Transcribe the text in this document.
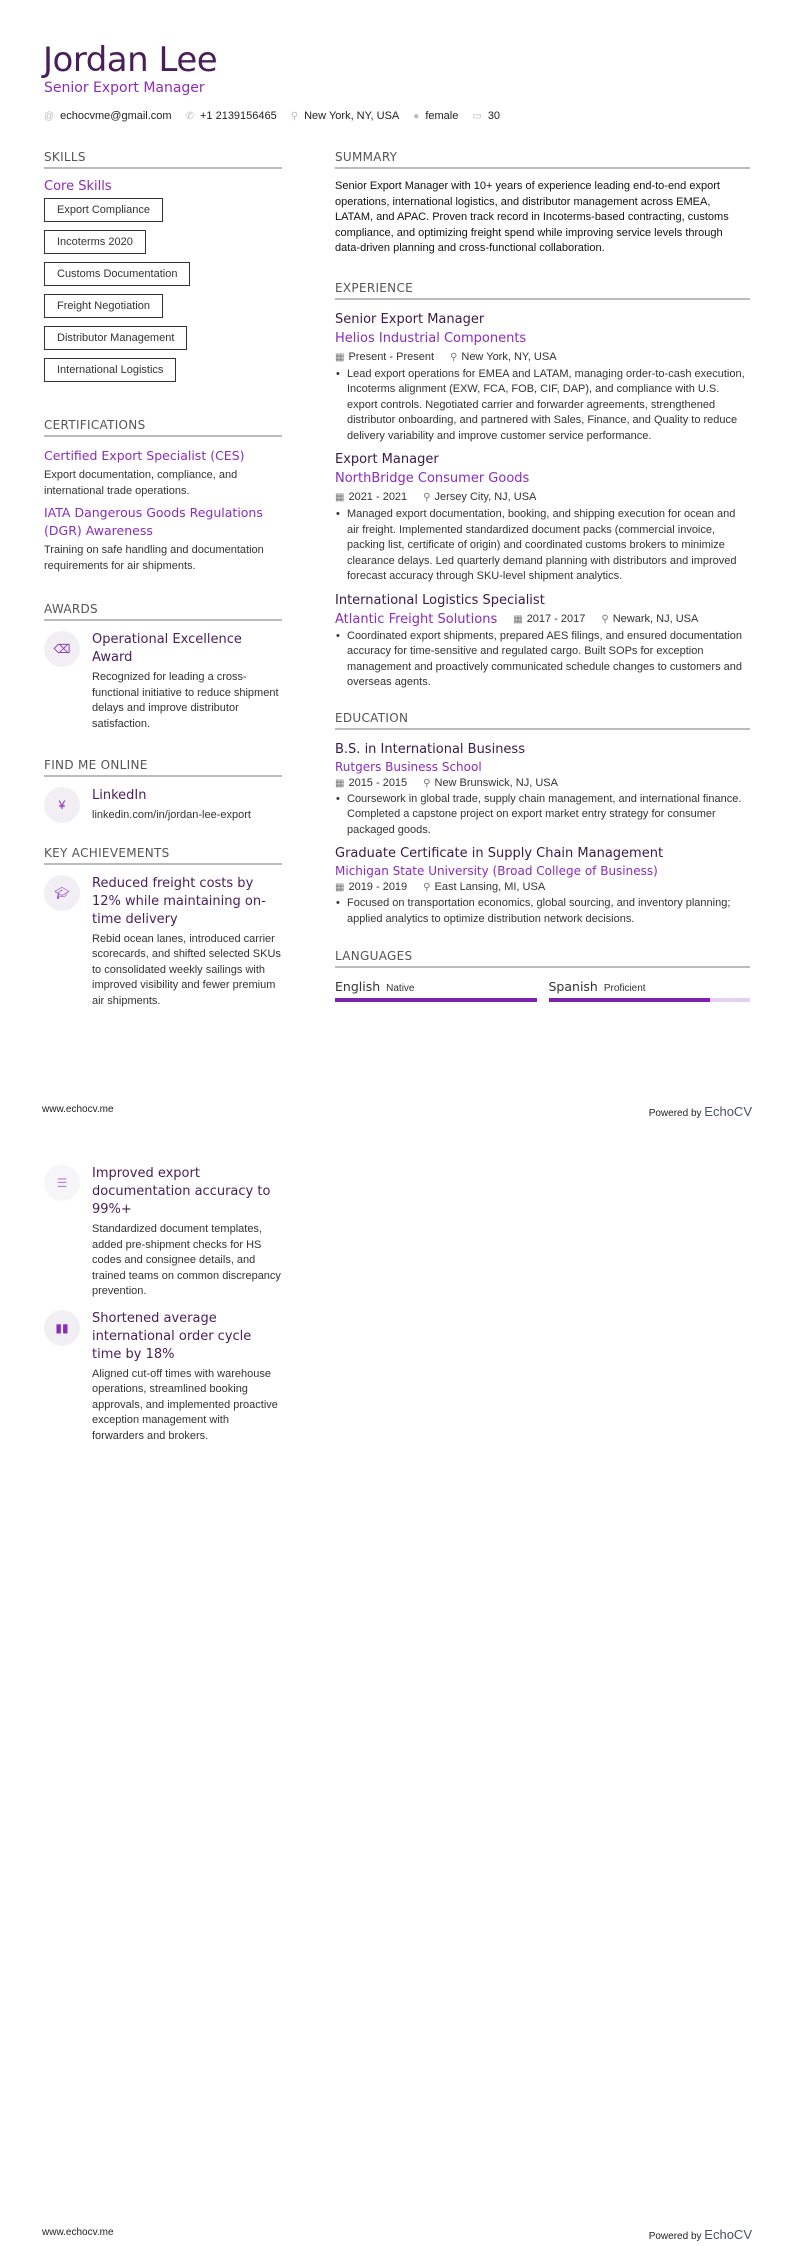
Jordan Lee
Senior Export Manager
@ echocvme@gmail.com ✆ +1 2139156465 ⚲ New York, NY, USA ● female ▭ 30
SKILLS
Core Skills
Export Compliance
Incoterms 2020
Customs Documentation
Freight Negotiation
Distributor Management
International Logistics
CERTIFICATIONS
Certified Export Specialist (CES)
Export documentation, compliance, and international trade operations.
IATA Dangerous Goods Regulations (DGR) Awareness
Training on safe handling and documentation requirements for air shipments.
AWARDS
⌫
Operational Excellence Award
Recognized for leading a cross-functional initiative to reduce shipment delays and improve distributor satisfaction.
FIND ME ONLINE
¥
LinkedIn
linkedin.com/in/jordan-lee-export
KEY ACHIEVEMENTS
🎓︎
Reduced freight costs by 12% while maintaining on-time delivery
Rebid ocean lanes, introduced carrier scorecards, and shifted selected SKUs to consolidated weekly sailings with improved visibility and fewer premium air shipments.
SUMMARY
Senior Export Manager with 10+ years of experience leading end-to-end export operations, international logistics, and distributor management across EMEA, LATAM, and APAC. Proven track record in Incoterms-based contracting, customs compliance, and optimizing freight spend while improving service levels through data-driven planning and cross-functional collaboration.
EXPERIENCE
Senior Export Manager
Helios Industrial Components
▦ Present - Present ⚲ New York, NY, USA
• Lead export operations for EMEA and LATAM, managing order-to-cash execution, Incoterms alignment (EXW, FCA, FOB, CIF, DAP), and compliance with U.S. export controls. Negotiated carrier and forwarder agreements, strengthened distributor onboarding, and partnered with Sales, Finance, and Quality to reduce delivery variability and improve customer service performance.
Export Manager
NorthBridge Consumer Goods
▦ 2021 - 2021 ⚲ Jersey City, NJ, USA
• Managed export documentation, booking, and shipping execution for ocean and air freight. Implemented standardized document packs (commercial invoice, packing list, certificate of origin) and coordinated customs brokers to minimize clearance delays. Led quarterly demand planning with distributors and improved forecast accuracy through SKU-level shipment analytics.
International Logistics Specialist
Atlantic Freight Solutions ▦ 2017 - 2017 ⚲ Newark, NJ, USA
• Coordinated export shipments, prepared AES filings, and ensured documentation accuracy for time-sensitive and regulated cargo. Built SOPs for exception management and proactively communicated schedule changes to customers and overseas agents.
EDUCATION
B.S. in International Business
Rutgers Business School
▦ 2015 - 2015 ⚲ New Brunswick, NJ, USA
• Coursework in global trade, supply chain management, and international finance. Completed a capstone project on export market entry strategy for consumer packaged goods.
Graduate Certificate in Supply Chain Management
Michigan State University (Broad College of Business)
▦ 2019 - 2019 ⚲ East Lansing, MI, USA
• Focused on transportation economics, global sourcing, and inventory planning; applied analytics to optimize distribution network decisions.
LANGUAGES
English Native	Spanish Proficient
www.echocv.me	Powered by EchoCV
☰
Improved export documentation accuracy to 99%+
Standardized document templates, added pre-shipment checks for HS codes and consignee details, and trained teams on common discrepancy prevention.
▮▮
Shortened average international order cycle time by 18%
Aligned cut-off times with warehouse operations, streamlined booking approvals, and implemented proactive exception management with forwarders and brokers.
www.echocv.me	Powered by EchoCV
